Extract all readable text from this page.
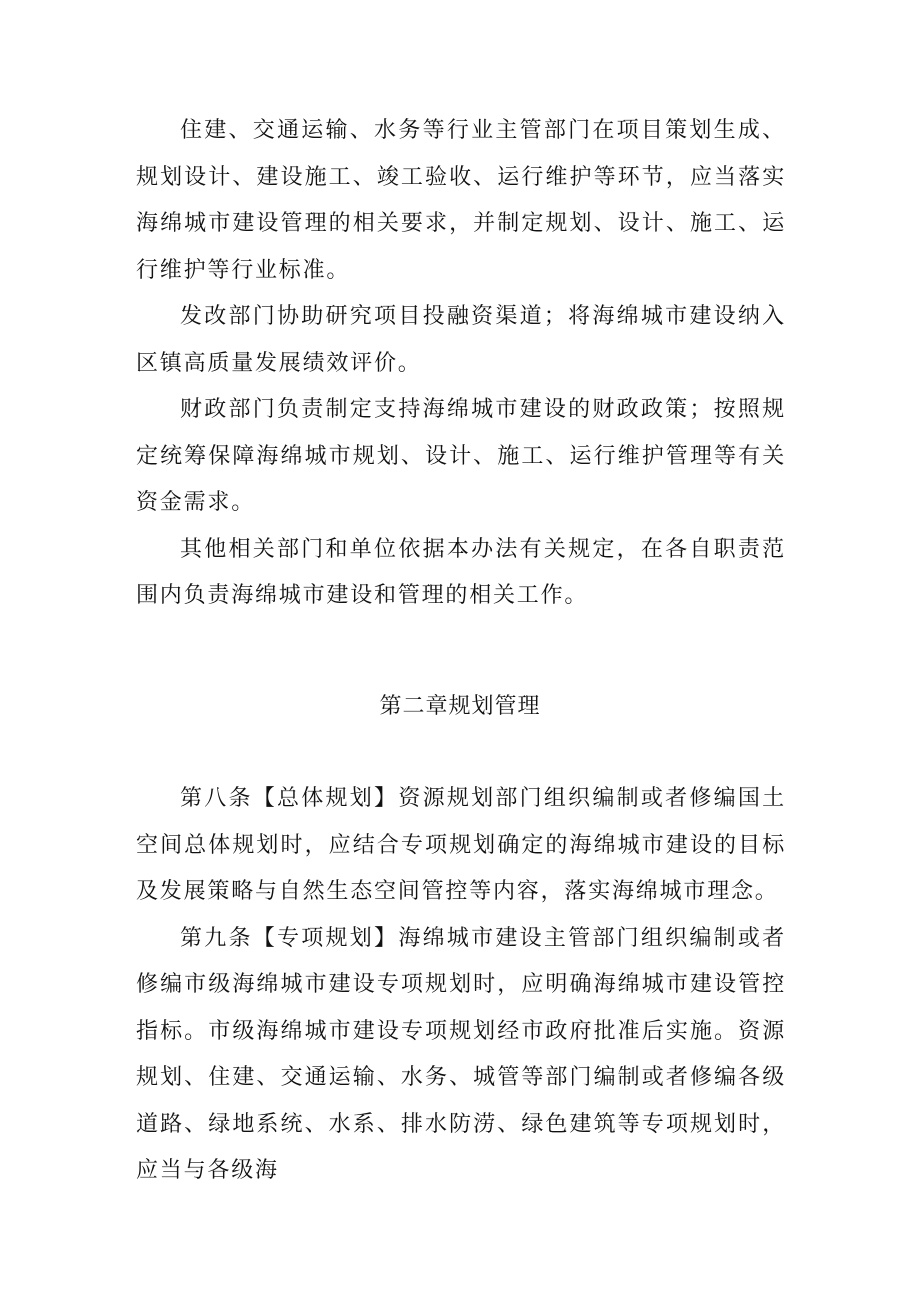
住建、交通运输、水务等行业主管部门在项目策划生成、规划设计、建设施工、竣工验收、运行维护等环节，应当落实海绵城市建设管理的相关要求，并制定规划、设计、施工、运行维护等行业标准。

发改部门协助研究项目投融资渠道；将海绵城市建设纳入区镇高质量发展绩效评价。

财政部门负责制定支持海绵城市建设的财政政策；按照规定统筹保障海绵城市规划、设计、施工、运行维护管理等有关资金需求。

其他相关部门和单位依据本办法有关规定，在各自职责范围内负责海绵城市建设和管理的相关工作。

第二章规划管理

第八条【总体规划】资源规划部门组织编制或者修编国土空间总体规划时，应结合专项规划确定的海绵城市建设的目标及发展策略与自然生态空间管控等内容，落实海绵城市理念。

第九条【专项规划】海绵城市建设主管部门组织编制或者修编市级海绵城市建设专项规划时，应明确海绵城市建设管控指标。市级海绵城市建设专项规划经市政府批准后实施。资源规划、住建、交通运输、水务、城管等部门编制或者修编各级道路、绿地系统、水系、排水防涝、绿色建筑等专项规划时，应当与各级海
